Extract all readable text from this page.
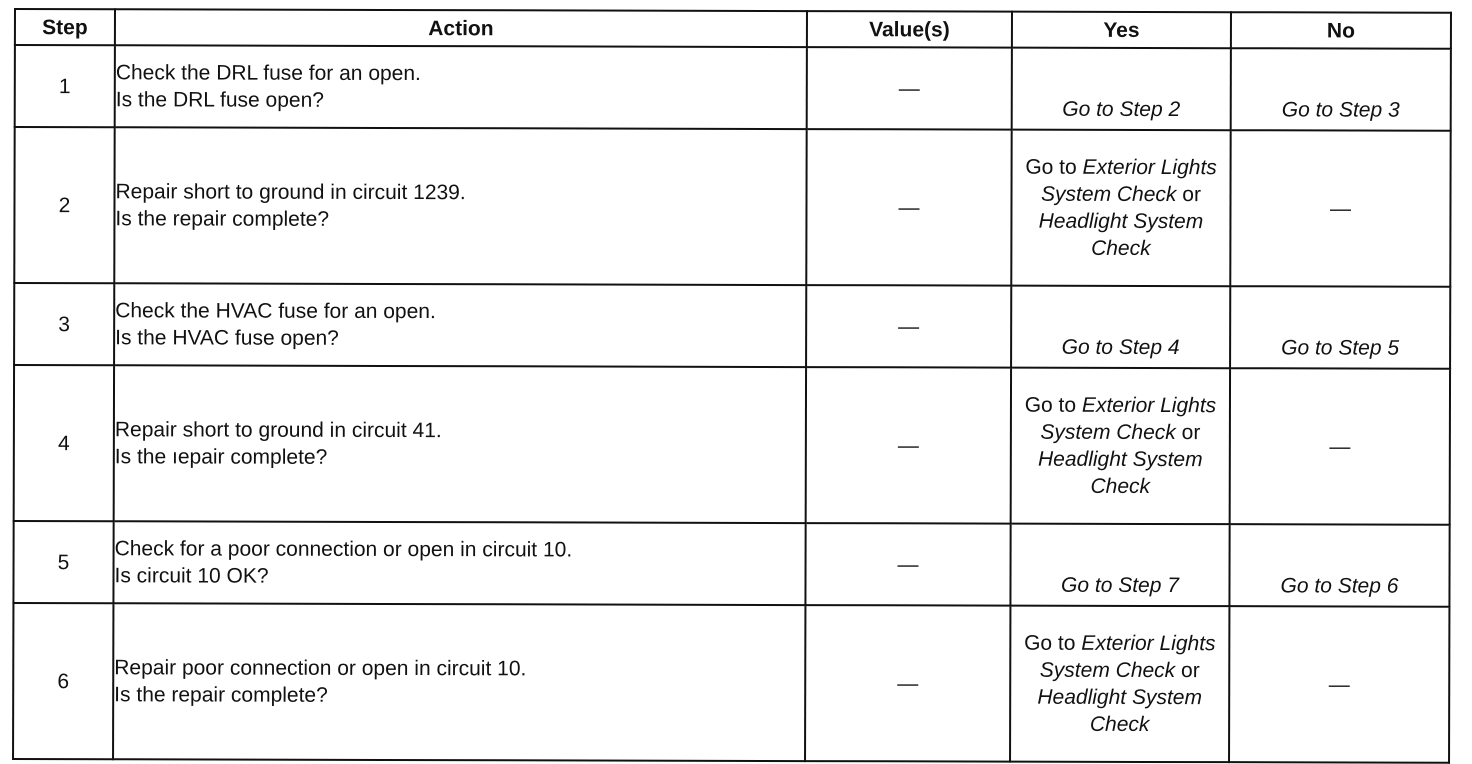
Step	Action	Value(s)	Yes	No
1	Check the DRL fuse for an open.
Is the DRL fuse open?	—	Go to Step 2	Go to Step 3
2	Repair short to ground in circuit 1239.
Is the repair complete?	—	Go to Exterior Lights System Check or Headlight System Check	—
3	Check the HVAC fuse for an open.
Is the HVAC fuse open?	—	Go to Step 4	Go to Step 5
4	Repair short to ground in circuit 41.
Is the ıepair complete?	—	Go to Exterior Lights System Check or Headlight System Check	—
5	Check for a poor connection or open in circuit 10.
Is circuit 10 OK?	—	Go to Step 7	Go to Step 6
6	Repair poor connection or open in circuit 10.
Is the repair complete?	—	Go to Exterior Lights System Check or Headlight System Check	—
